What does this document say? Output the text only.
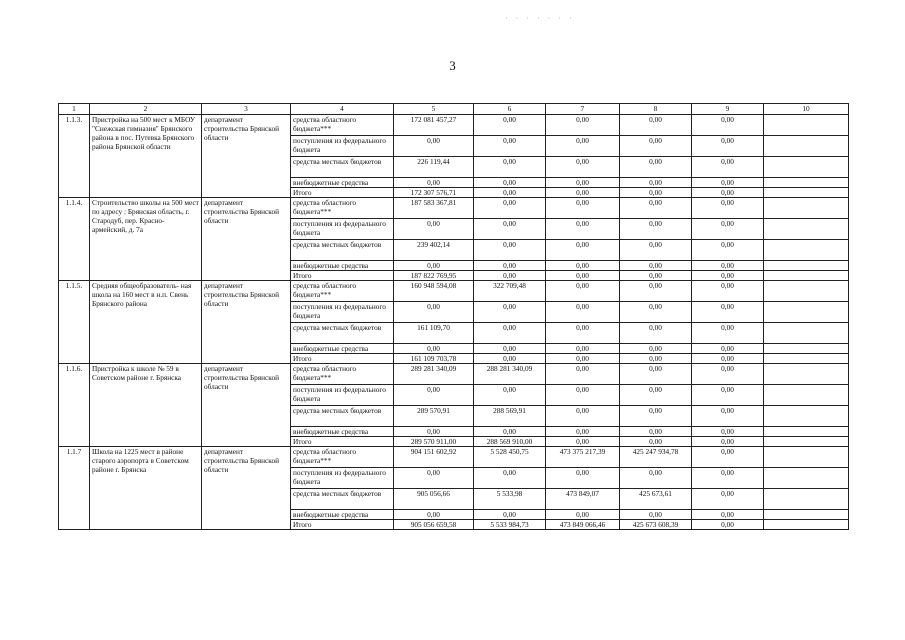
· · · · · · ·
3
1	2	3	4	5	6	7	8	9	10
1.1.3.	Пристройка на 500 мест к МБОУ "Снежская гимназия" Брянского района в пос. Путевка Брянского района Брянской области	департамент строительства Брянской области	средства областного бюджета***	172 081 457,27	0,00	0,00	0,00	0,00	
			поступления из федерального бюджета	0,00	0,00	0,00	0,00	0,00	
			средства местных бюджетов	226 119,44	0,00	0,00	0,00	0,00	
			внебюджетные средства	0,00	0,00	0,00	0,00	0,00	
			Итого	172 307 576,71	0,00	0,00	0,00	0,00	
1.1.4.	Строительство школы на 500 мест по адресу : Брянская область, г. Стародуб, пер. Красно- армейский, д. 7а	департамент строительства Брянской области	средства областного бюджета***	187 583 367,81	0,00	0,00	0,00	0,00	
			поступления из федерального бюджета	0,00	0,00	0,00	0,00	0,00	
			средства местных бюджетов	239 402,14	0,00	0,00	0,00	0,00	
			внебюджетные средства	0,00	0,00	0,00	0,00	0,00	
			Итого	187 822 769,95	0,00	0,00	0,00	0,00	
1.1.5.	Средняя общеобразователь- ная школа на 160 мест в н.п. Свень Брянского района	департамент строительства Брянской области	средства областного бюджета***	160 948 594,08	322 709,48	0,00	0,00	0,00	
			поступления из федерального бюджета	0,00	0,00	0,00	0,00	0,00	
			средства местных бюджетов	161 109,70	0,00	0,00	0,00	0,00	
			внебюджетные средства	0,00	0,00	0,00	0,00	0,00	
			Итого	161 109 703,78	0,00	0,00	0,00	0,00	
1.1.6.	Пристройка к школе № 59 в Советском районе г. Брянска	департамент строительства Брянской области	средства областного бюджета***	289 281 340,09	288 281 340,09	0,00	0,00	0,00	
			поступления из федерального бюджета	0,00	0,00	0,00	0,00	0,00	
			средства местных бюджетов	289 570,91	288 569,91	0,00	0,00	0,00	
			внебюджетные средства	0,00	0,00	0,00	0,00	0,00	
			Итого	289 570 911,00	288 569 910,00	0,00	0,00	0,00	
1.1.7	Школа на 1225 мест в районе старого аэропорта в Советском районе г. Брянска	департамент строительства Брянской области	средства областного бюджета***	904 151 602,92	5 528 450,75	473 375 217,39	425 247 934,78	0,00	
			поступления из федерального бюджета	0,00	0,00	0,00	0,00	0,00	
			средства местных бюджетов	905 056,66	5 533,98	473 849,07	425 673,61	0,00	
			внебюджетные средства	0,00	0,00	0,00	0,00	0,00	
			Итого	905 056 659,58	5 533 984,73	473 849 066,46	425 673 608,39	0,00	
